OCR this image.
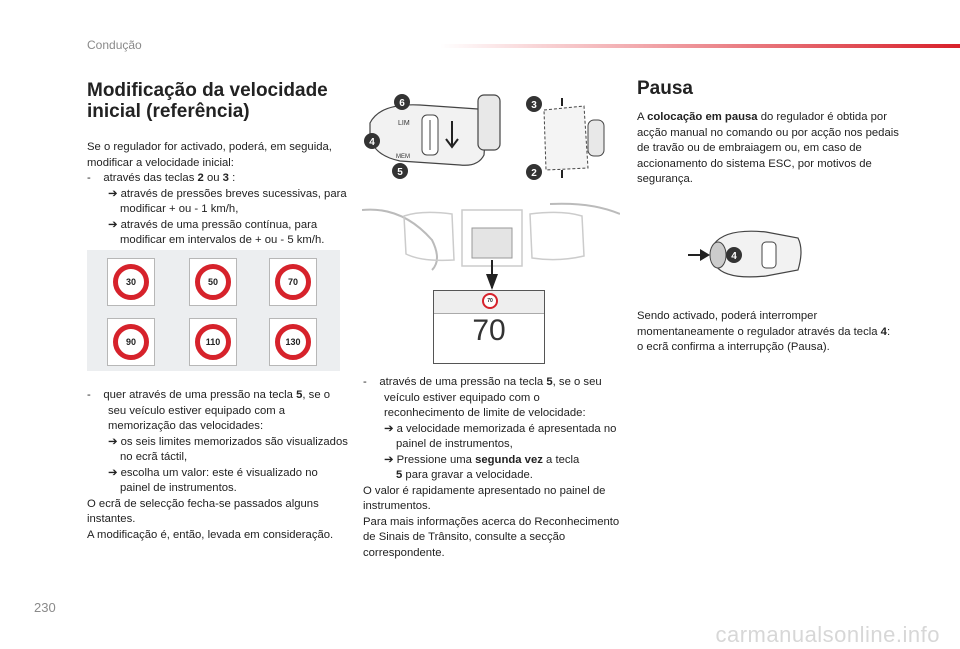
Condução
Modificação da velocidade
inicial (referência)

Se o regulador for activado, poderá, em seguida, modificar a velocidade inicial:

-    através das teclas 2 ou 3 :

➔ através de pressões breves sucessivas, para modificar + ou - 1 km/h,

➔ através de uma pressão contínua, para modificar em intervalos de + ou - 5 km/h.

30	50	70
90	110	130

-    quer através de uma pressão na tecla 5, se o seu veículo estiver equipado com a memorização das velocidades:

➔ os seis limites memorizados são visualizados no ecrã táctil,

➔ escolha um valor: este é visualizado no painel de instrumentos.

O ecrã de selecção fecha-se passados alguns instantes.

A modificação é, então, levada em consideração.

LIM
MEM
6
4
5
3
2
70
70

-    através de uma pressão na tecla 5, se o seu veículo estiver equipado com o reconhecimento de limite de velocidade:

➔ a velocidade memorizada é apresentada no painel de instrumentos,

➔ Pressione uma segunda vez a tecla
5 para gravar a velocidade.

O valor é rapidamente apresentado no painel de instrumentos.

Para mais informações acerca do Reconhecimento de Sinais de Trânsito, consulte a secção correspondente.

Pausa

A colocação em pausa do regulador é obtida por acção manual no comando ou por acção nos pedais de travão ou de embraiagem ou, em caso de accionamento do sistema ESC, por motivos de segurança.

4

Sendo activado, poderá interromper momentaneamente o regulador através da tecla 4: o ecrã confirma a interrupção (Pausa).

230
carmanualsonline.info
